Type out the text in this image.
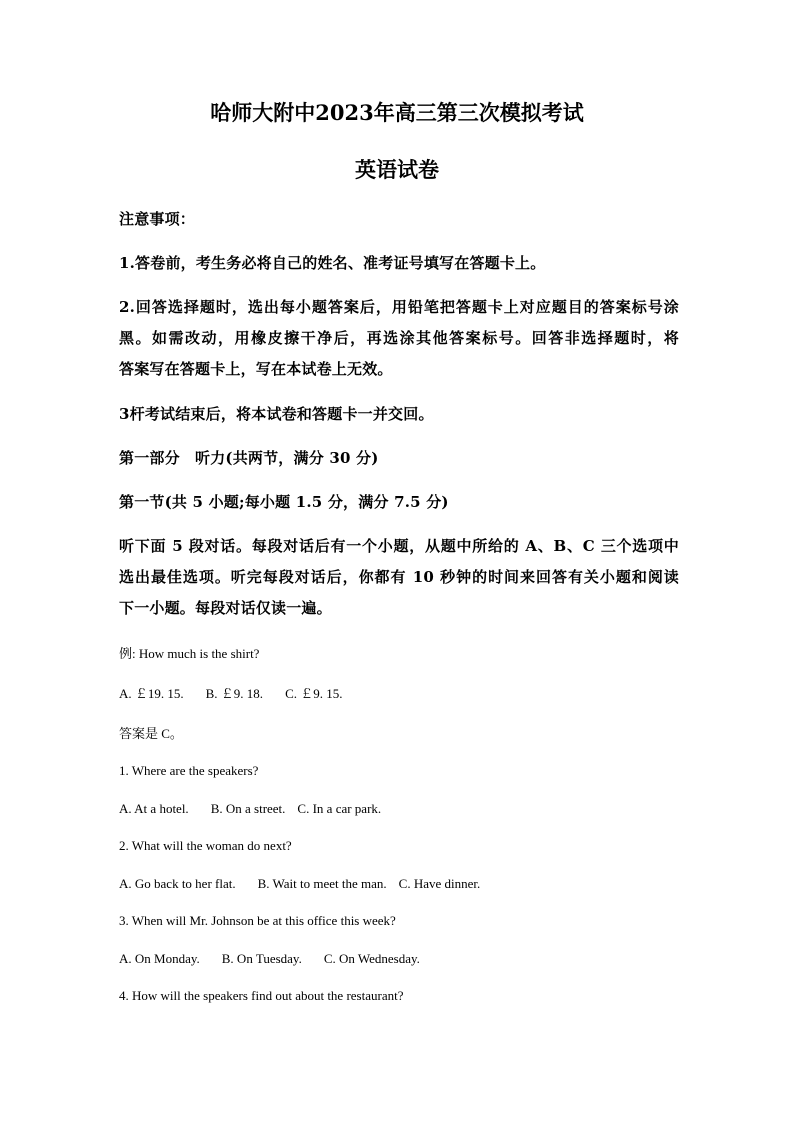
哈师大附中2023年高三第三次模拟考试
英语试卷
注意事项：
1.答卷前，考生务必将自己的姓名、准考证号填写在答题卡上。
2.回答选择题时，选出每小题答案后，用铅笔把答题卡上对应题目的答案标号涂
黑。如需改动，用橡皮擦干净后，再选涂其他答案标号。回答非选择题时，将
答案写在答题卡上，写在本试卷上无效。
3杆考试结束后，将本试卷和答题卡一并交回。
第一部分　听力(共两节，满分 30 分)
第一节(共 5 小题;每小题 1.5 分，满分 7.5 分)
听下面 5 段对话。每段对话后有一个小题，从题中所给的 A、B、C 三个选项中
选出最佳选项。听完每段对话后，你都有 10 秒钟的时间来回答有关小题和阅读
下一小题。每段对话仅读一遍。
例: How much is the shirt?
A. ￡19. 15. B. ￡9. 18. C. ￡9. 15.
答案是 C。
1. Where are the speakers?
A. At a hotel. B. On a street. C. In a car park.
2. What will the woman do next?
A. Go back to her flat. B. Wait to meet the man. C. Have dinner.
3. When will Mr. Johnson be at this office this week?
A. On Monday. B. On Tuesday. C. On Wednesday.
4. How will the speakers find out about the restaurant?
